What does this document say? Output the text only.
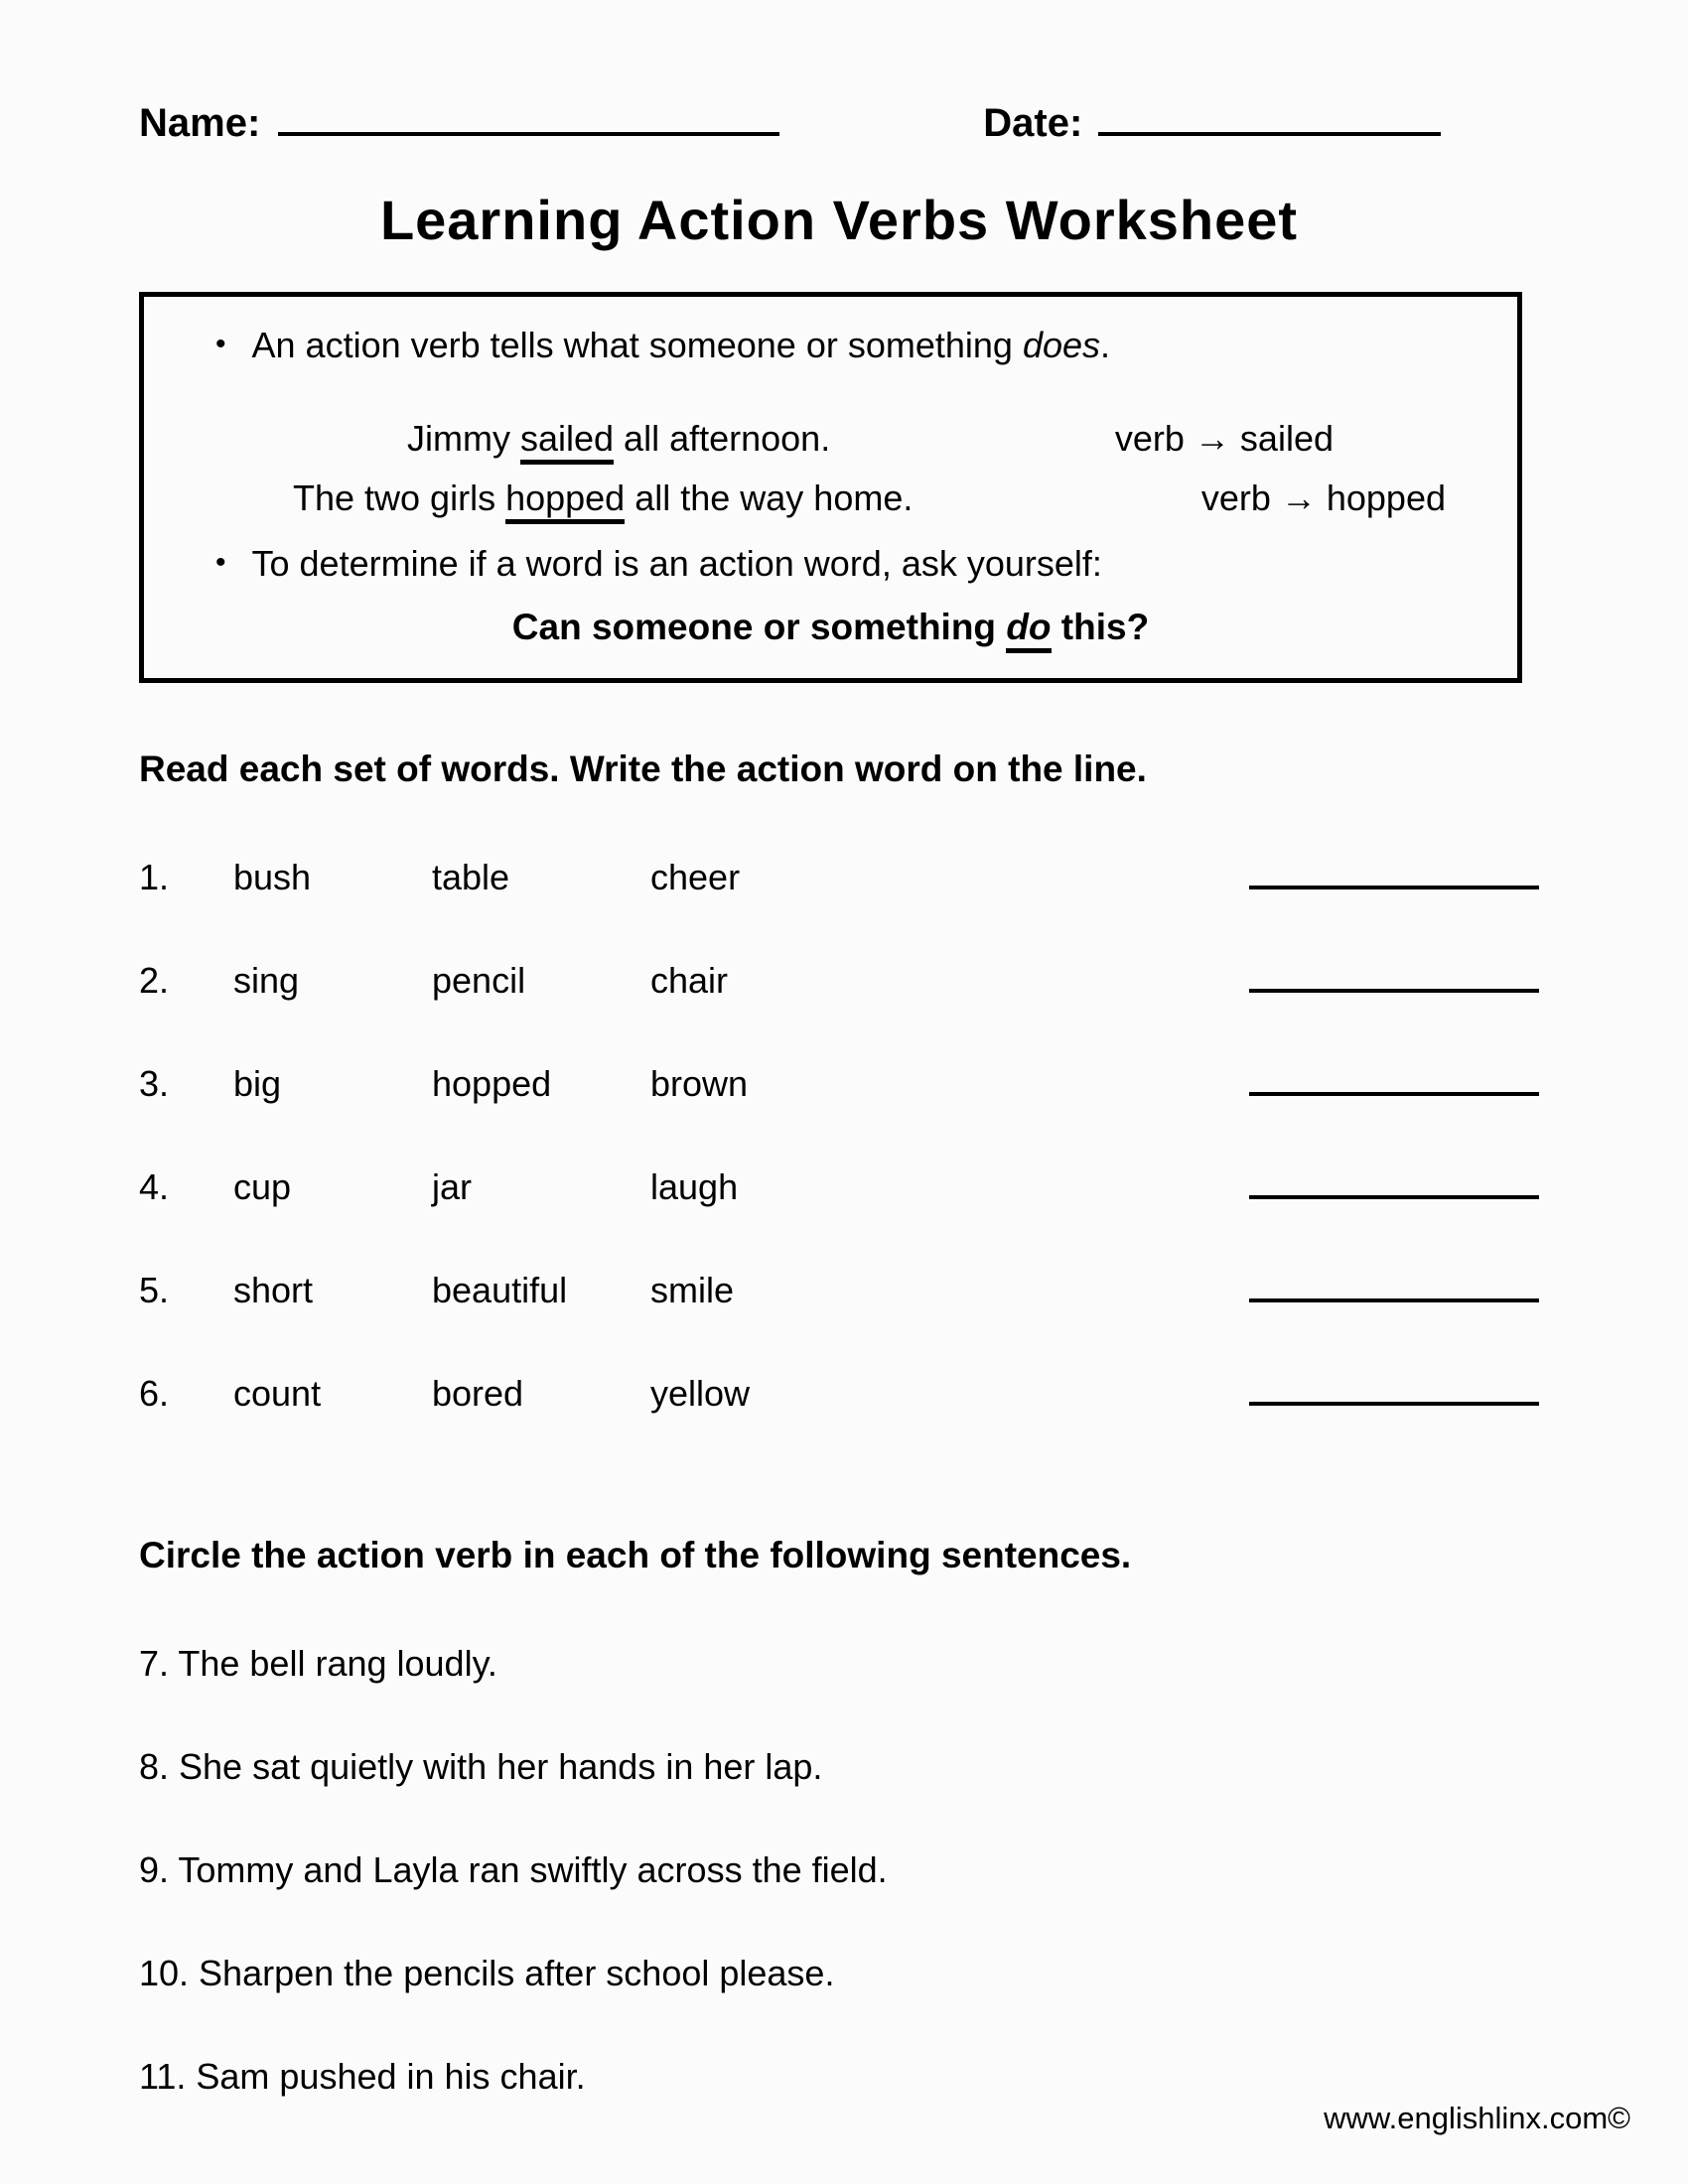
Name:	Date:
Learning Action Verbs Worksheet
• An action verb tells what someone or something does.
Jimmy sailed all afternoon.	verb → sailed
The two girls hopped all the way home.	verb → hopped
• To determine if a word is an action word, ask yourself:
Can someone or something do this?
Read each set of words. Write the action word on the line.
1.	bush	table	cheer
2.	sing	pencil	chair
3.	big	hopped	brown
4.	cup	jar	laugh
5.	short	beautiful	smile
6.	count	bored	yellow
Circle the action verb in each of the following sentences.
7. The bell rang loudly.
8. She sat quietly with her hands in her lap.
9. Tommy and Layla ran swiftly across the field.
10. Sharpen the pencils after school please.
11. Sam pushed in his chair.
www.englishlinx.com©
